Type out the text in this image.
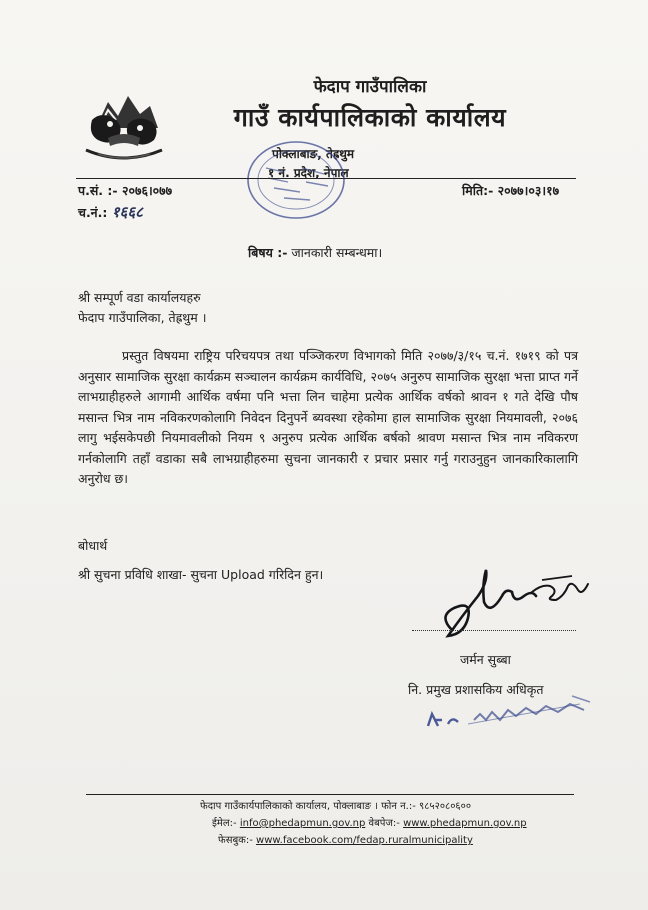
फेदाप गाउँपालिका
गाउँ कार्यपालिकाको कार्यालय
पोक्लाबाङ, तेह्रथुम
१ नं. प्रदेश, नेपाल
प.सं. :- २०७६।०७७	मिति:- २०७७।०३।१७
च.नं.: १६६८
बिषय :- जानकारी सम्बन्धमा।
श्री सम्पूर्ण वडा कार्यालयहरु
फेदाप गाउँपालिका, तेह्रथुम ।
प्रस्तुत विषयमा राष्ट्रिय परिचयपत्र तथा पञ्जिकरण विभागको मिति २०७७/३/१५ च.नं. १७१९ को पत्र अनुसार सामाजिक सुरक्षा कार्यक्रम सञ्चालन कार्यक्रम कार्यविधि, २०७५ अनुरुप सामाजिक सुरक्षा भत्ता प्राप्त गर्ने लाभग्राहीहरुले आगामी आर्थिक वर्षमा पनि भत्ता लिन चाहेमा प्रत्येक आर्थिक वर्षको श्रावन १ गते देखि पौष मसान्त भित्र नाम नविकरणकोलागि निवेदन दिनुपर्ने ब्यवस्था रहेकोमा हाल सामाजिक सुरक्षा नियमावली, २०७६ लागु भईसकेपछी नियमावलीको नियम ९ अनुरुप प्रत्येक आर्थिक बर्षको श्रावण मसान्त भित्र नाम नविकरण गर्नकोलागि तहाँ वडाका सबै लाभग्राहीहरुमा सुचना जानकारी र प्रचार प्रसार गर्नु गराउनुहुन जानकारिकालागि अनुरोध छ।
बोधार्थ
श्री सुचना प्रविधि शाखा- सुचना Upload गरिदिन हुन।
जर्मन सुब्बा
नि. प्रमुख प्रशासकिय अधिकृत
फेदाप गाउँकार्यपालिकाको कार्यालय, पोक्लाबाङ । फोन न.:- ९८५२०८०६००
ईमेल:- info@phedapmun.gov.np वेबपेज:- www.phedapmun.gov.np
फेसबुक:- www.facebook.com/fedap.ruralmunicipality
